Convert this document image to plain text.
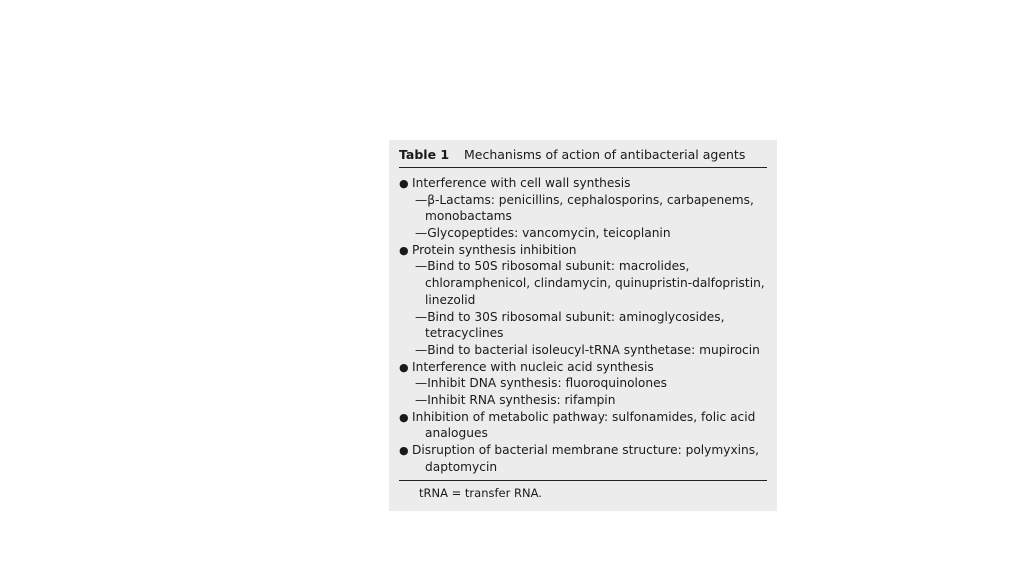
Table 1 Mechanisms of action of antibacterial agents
● Interference with cell wall synthesis
—β-Lactams: penicillins, cephalosporins, carbapenems,
monobactams
—Glycopeptides: vancomycin, teicoplanin
● Protein synthesis inhibition
—Bind to 50S ribosomal subunit: macrolides,
chloramphenicol, clindamycin, quinupristin-dalfopristin,
linezolid
—Bind to 30S ribosomal subunit: aminoglycosides,
tetracyclines
—Bind to bacterial isoleucyl-tRNA synthetase: mupirocin
● Interference with nucleic acid synthesis
—Inhibit DNA synthesis: fluoroquinolones
—Inhibit RNA synthesis: rifampin
● Inhibition of metabolic pathway: sulfonamides, folic acid
analogues
● Disruption of bacterial membrane structure: polymyxins,
daptomycin
tRNA = transfer RNA.
